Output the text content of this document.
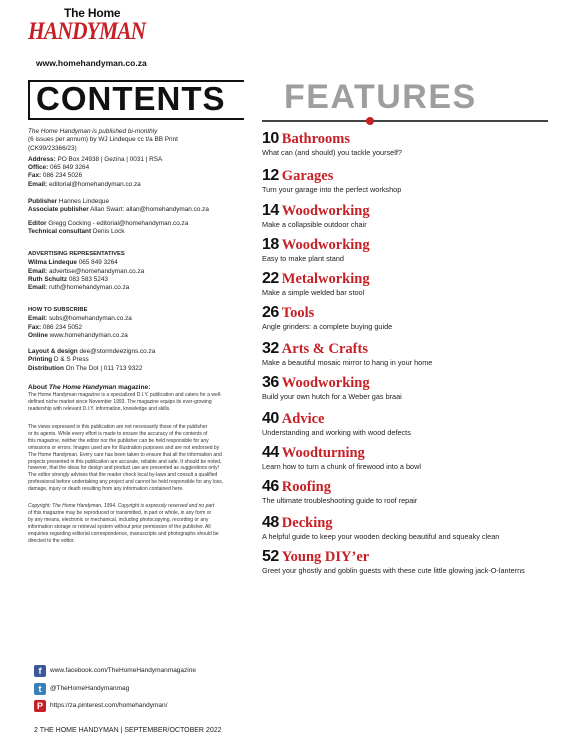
The Home
HANDYMAN
www.homehandyman.co.za
CONTENTS FEATURES
The Home Handyman is published bi-monthly
(6 issues per annum) by WJ Lindeque cc t/a BB Print
(CK99/23366/23)
Address: PO Box 24938 | Gezina | 0031 | RSA
Office: 065 849 3264
Fax: 086 234 5026
Email: editorial@homehandyman.co.za
Publisher Hannes Lindeque
Associate publisher Allan Swart: allan@homehandyman.co.za
Editor Gregg Cocking - editorial@homehandyman.co.za
Technical consultant Denis Lock
ADVERTISING REPRESENTATIVES
Wilma Lindeque 065 849 3264
Email: advertise@homehandyman.co.za
Ruth Schultz 083 583 5243
Email: ruth@homehandyman.co.za
HOW TO SUBSCRIBE
Email: subs@homehandyman.co.za
Fax: 086 234 5052
Online www.homehandyman.co.za
Layout & design dee@stormdeezigns.co.za
Printing D & S Press
Distribution On The Dot | 011 713 9322
About The Home Handyman magazine:
The Home Handyman magazine is a specialized D.I.Y. publication and caters for a well-
defined niche market since November 1993. The magazine equips its ever-growing
readership with relevant D.I.Y. information, knowledge and skills.
The views expressed in this publication are not necessarily those of the publisher
or its agents. While every effort is made to ensure the accuracy of the contents of
this magazine, neither the editor nor the publisher can be held responsible for any
omissions or errors. Images used are for illustration purposes and are not endorsed by
The Home Handyman. Every care has been taken to ensure that all the information and
projects presented in this publication are accurate, reliable and safe. It should be noted,
however, that the ideas for design and product use are presented as suggestions only!
The editor strongly advises that the reader check local by-laws and consult a qualified
professional before undertaking any project and cannot be held responsible for any loss,
damage, injury or death resulting from any information contained here.
Copyright: The Home Handyman, 1994. Copyright is expressly reserved and no part
of this magazine may be reproduced or transmitted, in part or whole, in any form or
by any means, electronic or mechanical, including photocopying, recording or any
information storage or retrieval system without prior permission of the publisher. All
enquiries regarding editorial correspondence, manuscripts and photographs should be
directed to the editor.
10 Bathrooms
What can (and should) you tackle yourself?
12 Garages
Turn your garage into the perfect workshop
14 Woodworking
Make a collapsible outdoor chair
18 Woodworking
Easy to make plant stand
22 Metalworking
Make a simple welded bar stool
26 Tools
Angle grinders: a complete buying guide
32 Arts & Crafts
Make a beautiful mosaic mirror to hang in your home
36 Woodworking
Build your own hutch for a Weber gas braai
40 Advice
Understanding and working with wood defects
44 Woodturning
Learn how to turn a chunk of firewood into a bowl
46 Roofing
The ultimate troubleshooting guide to roof repair
48 Decking
A helpful guide to keep your wooden decking beautiful and squeaky clean
52 Young DIY’er
Greet your ghostly and goblin guests with these cute little glowing jack-O-lanterns
f	www.facebook.com/TheHomeHandymanmagazine
t	@TheHomeHandymanmag
P	https://za.pinterest.com/homehandyman/
2 THE HOME HANDYMAN | SEPTEMBER/OCTOBER 2022
